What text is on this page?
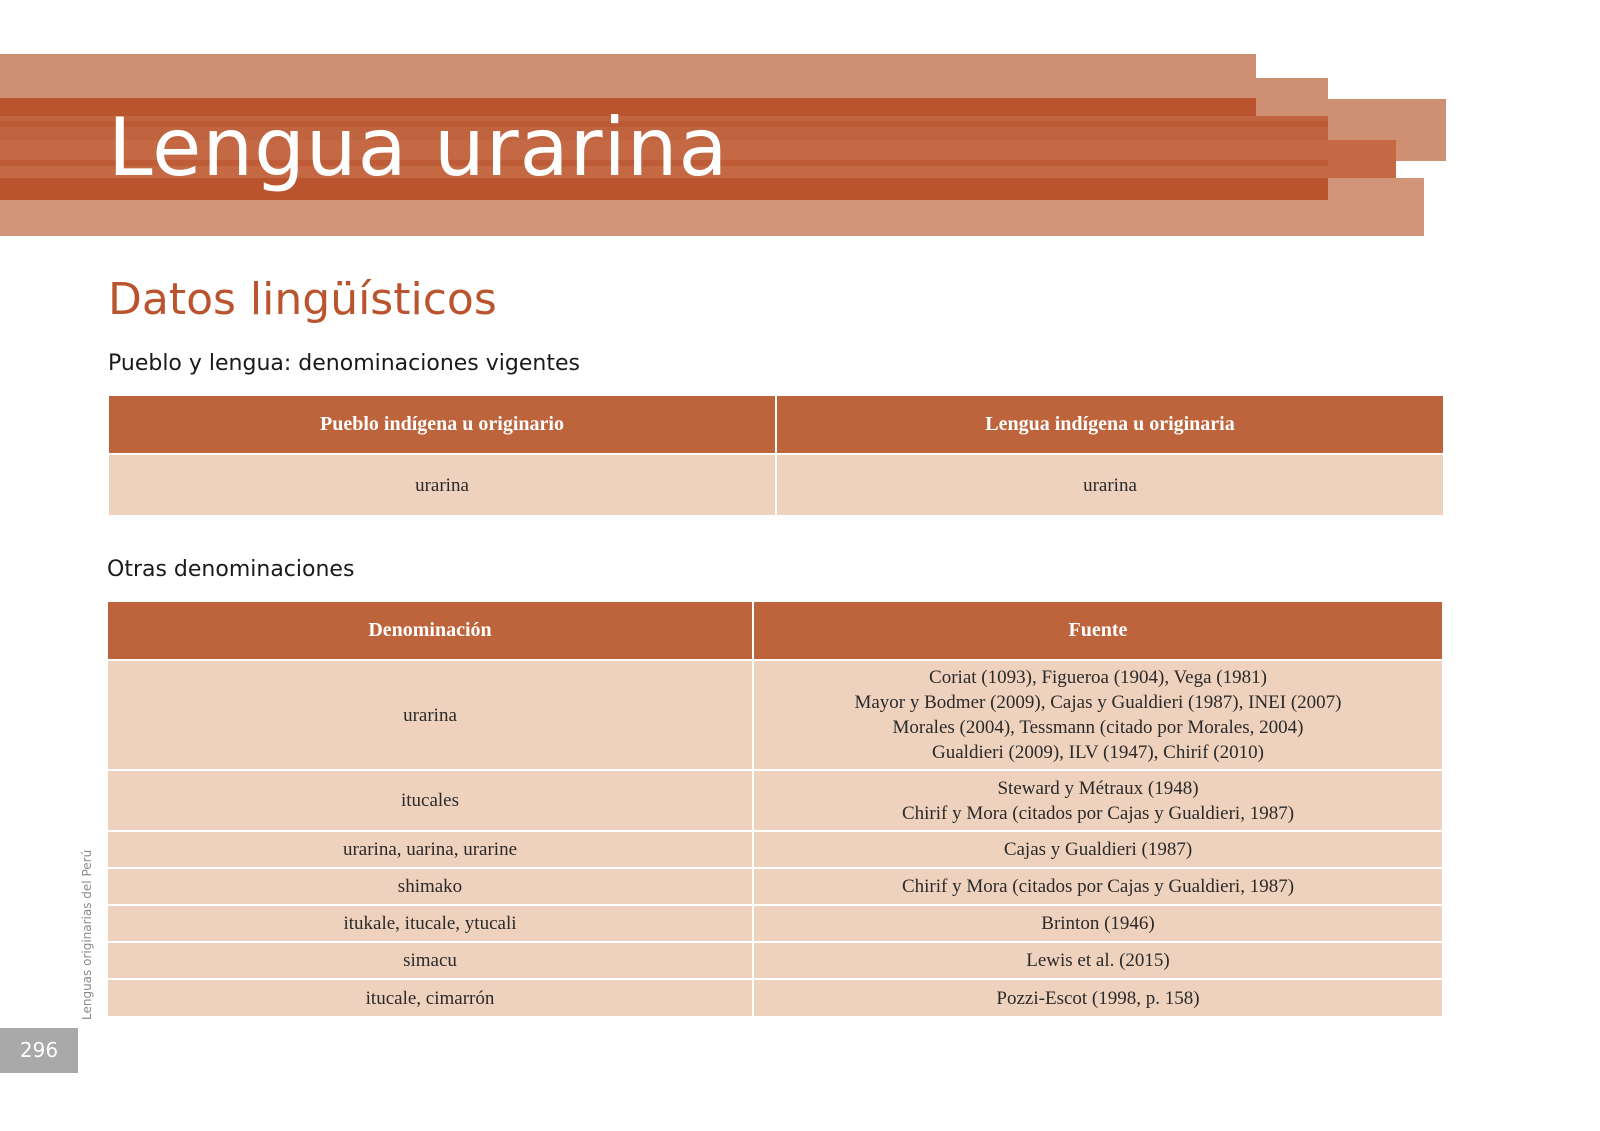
Lengua urarina
Datos lingüísticos
Pueblo y lengua: denominaciones vigentes
Pueblo indígena u originario	Lengua indígena u originaria
urarina	urarina
Otras denominaciones
Denominación	Fuente
urarina	Coriat (1093), Figueroa (1904), Vega (1981)
Mayor y Bodmer (2009), Cajas y Gualdieri (1987), INEI (2007)
Morales (2004), Tessmann (citado por Morales, 2004)
Gualdieri (2009), ILV (1947), Chirif (2010)

itucales	Steward y Métraux (1948)
Chirif y Mora (citados por Cajas y Gualdieri, 1987)

urarina, uarina, urarine	Cajas y Gualdieri (1987)

shimako	Chirif y Mora (citados por Cajas y Gualdieri, 1987)

itukale, itucale, ytucali	Brinton (1946)

simacu	Lewis et al. (2015)

itucale, cimarrón	Pozzi-Escot (1998, p. 158)
Lenguas originarias del Perú
296
